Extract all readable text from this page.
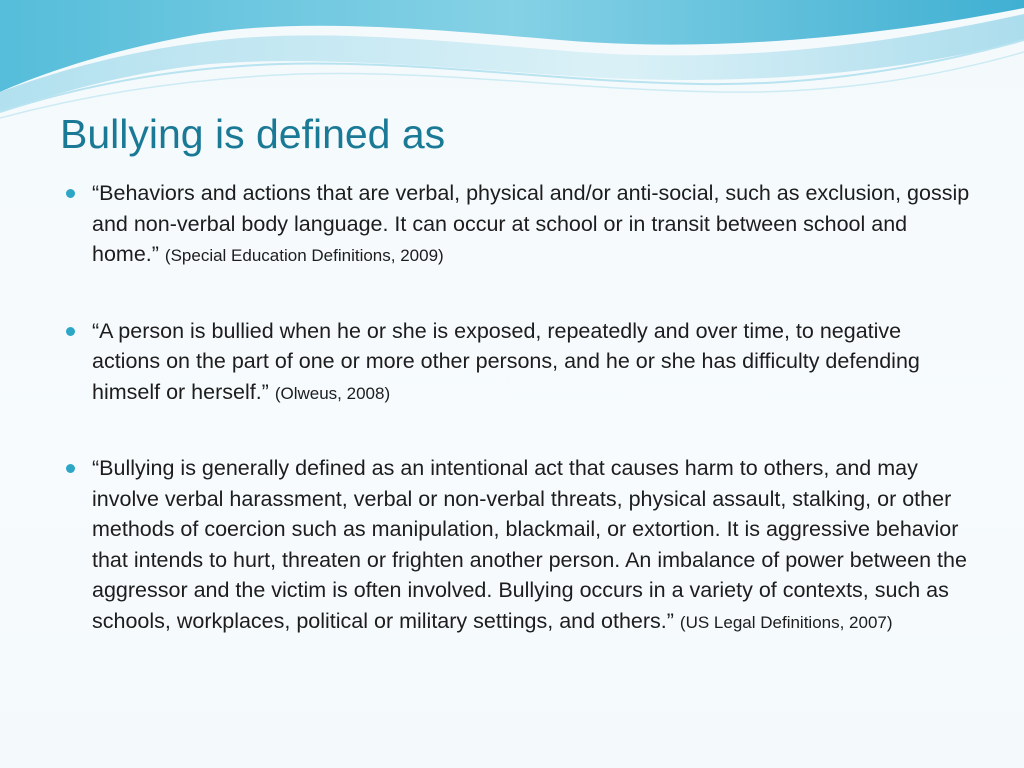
Bullying is defined as
“Behaviors and actions that are verbal, physical and/or anti-social, such as exclusion, gossip and non-verbal body language. It can occur at school or in transit between school and home.” (Special Education Definitions, 2009)
“A person is bullied when he or she is exposed, repeatedly and over time, to negative actions on the part of one or more other persons, and he or she has difficulty defending himself or herself.” (Olweus, 2008)
“Bullying is generally defined as an intentional act that causes harm to others, and may involve verbal harassment, verbal or non-verbal threats, physical assault, stalking, or other methods of coercion such as manipulation, blackmail, or extortion. It is aggressive behavior that intends to hurt, threaten or frighten another person. An imbalance of power between the aggressor and the victim is often involved. Bullying occurs in a variety of contexts, such as schools, workplaces, political or military settings, and others.” (US Legal Definitions, 2007)
